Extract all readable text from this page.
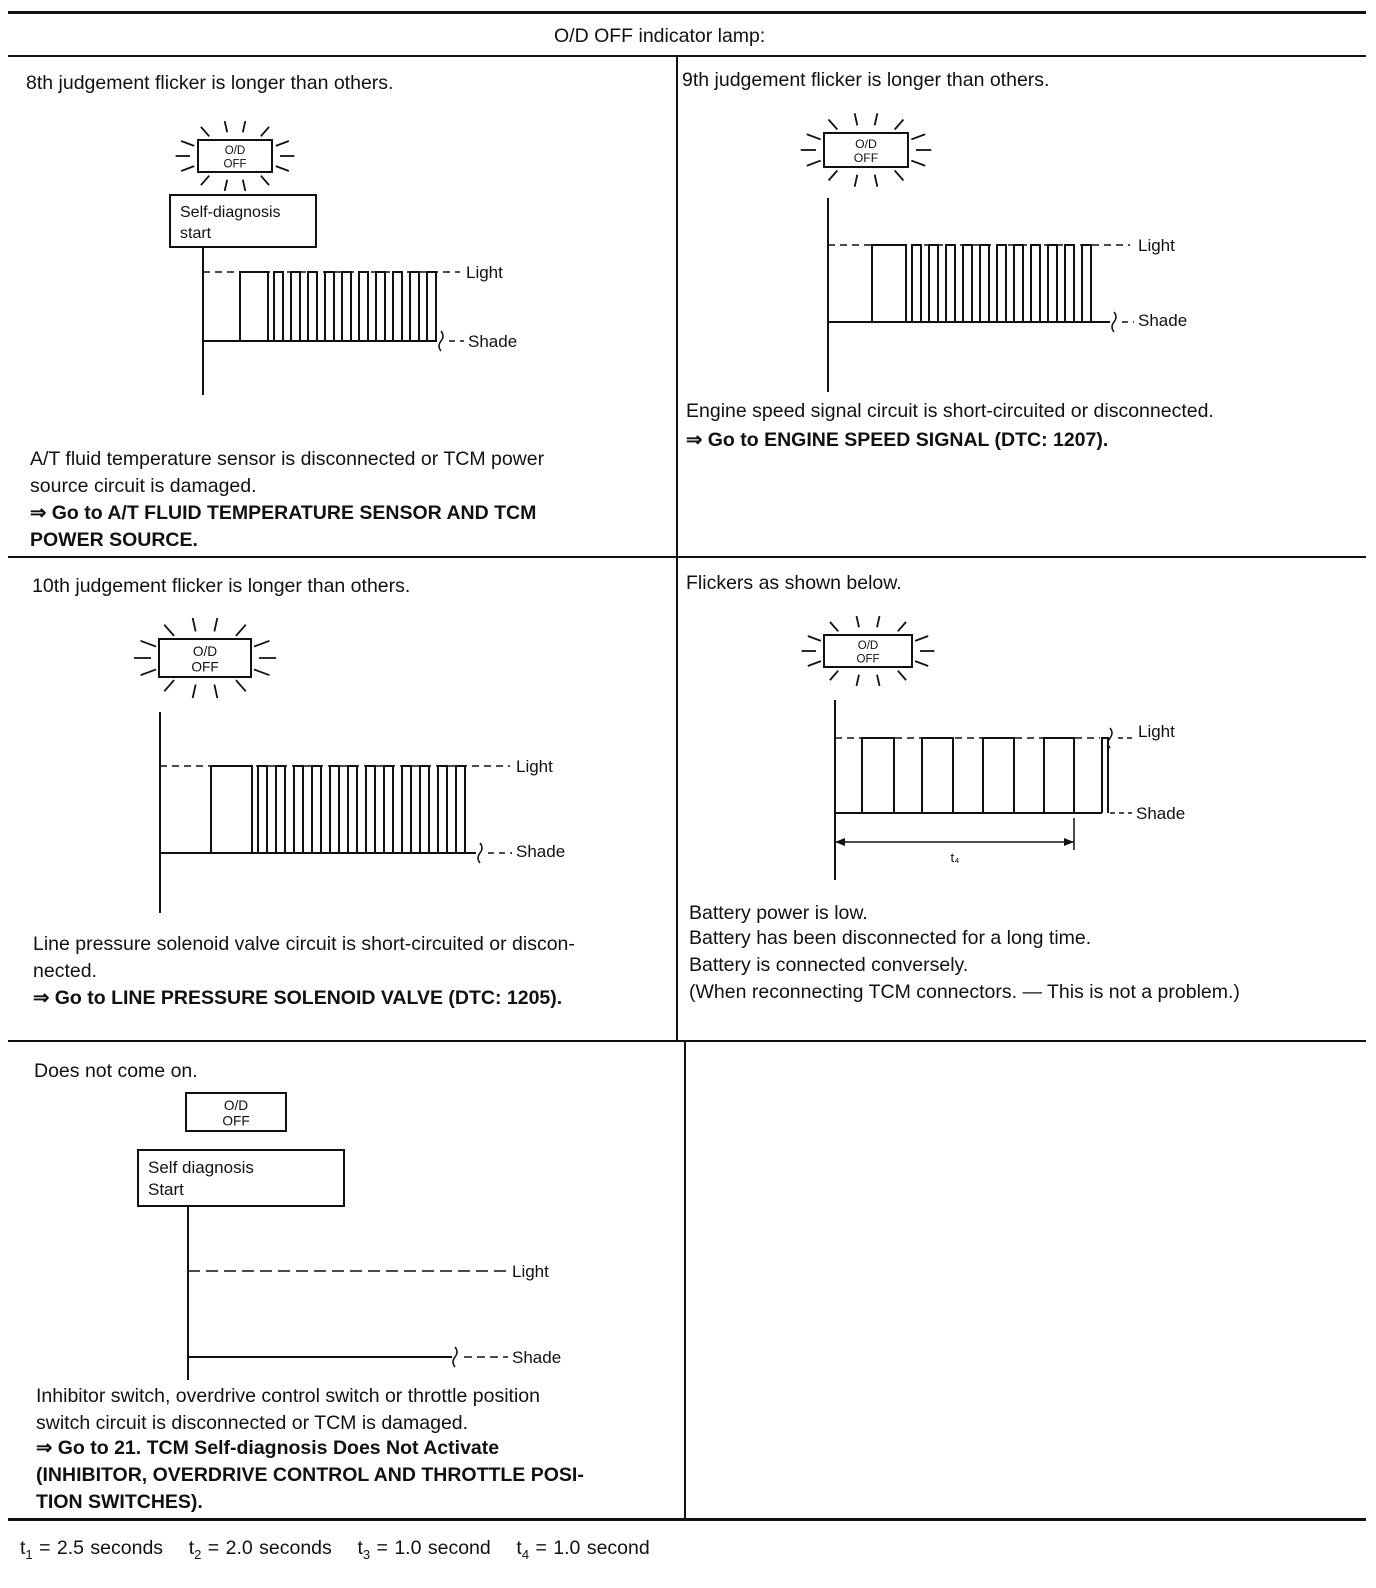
O/D OFF indicator lamp:
8th judgement flicker is longer than others.
A/T fluid temperature sensor is disconnected or TCM power
source circuit is damaged.
⇒ Go to A/T FLUID TEMPERATURE SENSOR AND TCM
POWER SOURCE.
9th judgement flicker is longer than others.
Engine speed signal circuit is short-circuited or disconnected.
⇒ Go to ENGINE SPEED SIGNAL (DTC: 1207).
10th judgement flicker is longer than others.
Line pressure solenoid valve circuit is short-circuited or discon-
nected.
⇒ Go to LINE PRESSURE SOLENOID VALVE (DTC: 1205).
Flickers as shown below.
Battery power is low.
Battery has been disconnected for a long time.
Battery is connected conversely.
(When reconnecting TCM connectors. — This is not a problem.)
Does not come on.
Inhibitor switch, overdrive control switch or throttle position
switch circuit is disconnected or TCM is damaged.
⇒ Go to 21. TCM Self-diagnosis Does Not Activate
(INHIBITOR, OVERDRIVE CONTROL AND THROTTLE POSI-
TION SWITCHES).
$t_1 = 2.5$ seconds $t_2 = 2.0$ seconds $t_3 = 1.0$ second $t_4 = 1.0$ second
O/D
OFF
Self-diagnosis
start
Light
Shade
O/D
OFF
Light
Shade
O/D
OFF
Light
Shade
O/D
OFF
Light
Shade
t₄
O/D
OFF
Self diagnosis
Start
Light
Shade
